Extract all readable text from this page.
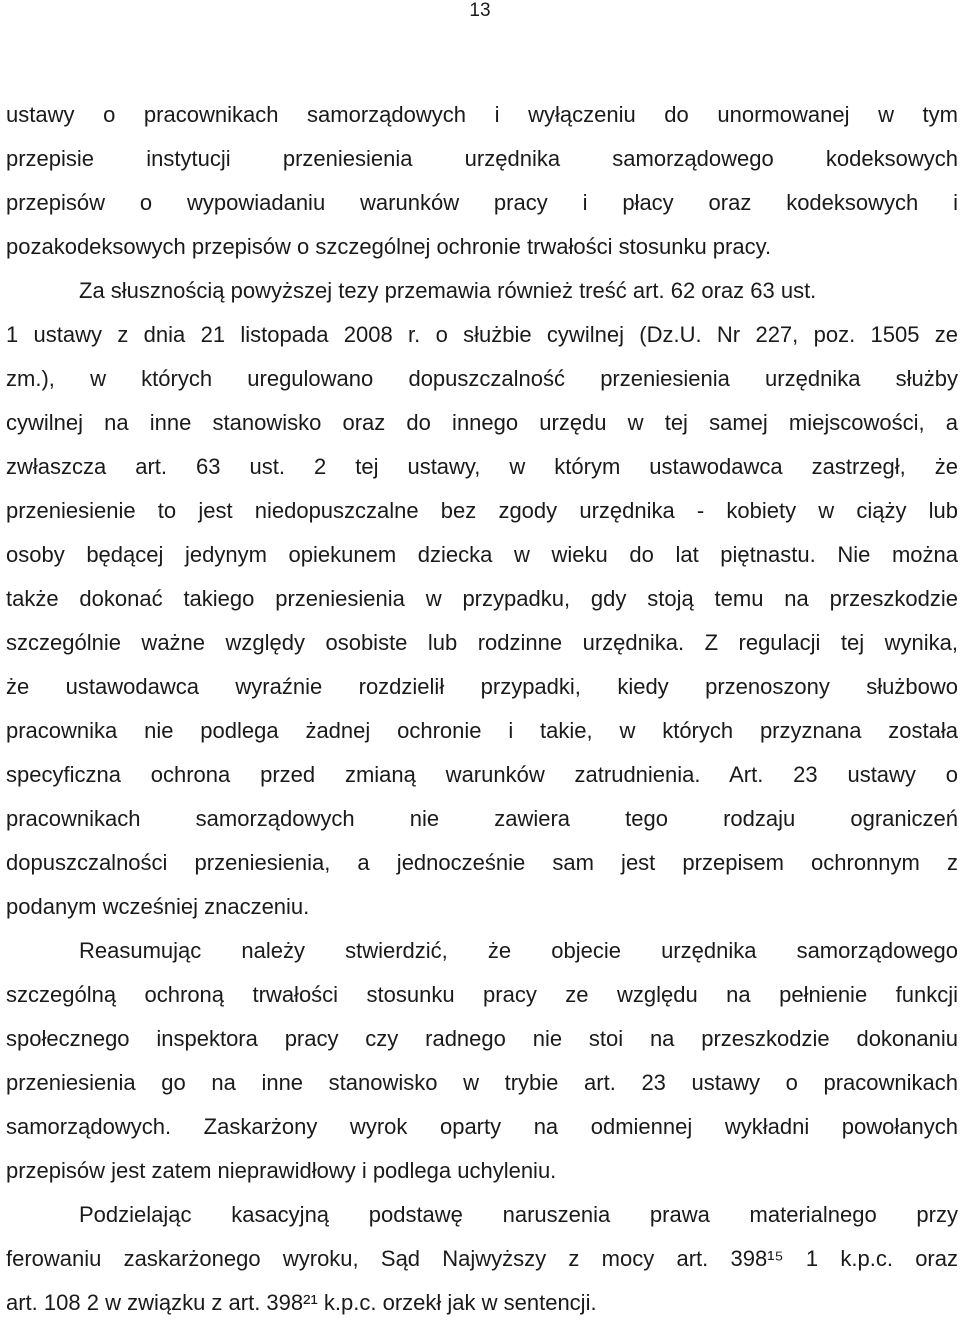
13
ustawy o pracownikach samorządowych i wyłączeniu do unormowanej w tym
przepisie instytucji przeniesienia urzędnika samorządowego kodeksowych
przepisów o wypowiadaniu warunków pracy i płacy oraz kodeksowych i
pozakodeksowych przepisów o szczególnej ochronie trwałości stosunku pracy.
Za słusznością powyższej tezy przemawia również treść art. 62 oraz 63 ust.
1 ustawy z dnia 21 listopada 2008 r. o służbie cywilnej (Dz.U. Nr 227, poz. 1505 ze
zm.), w których uregulowano dopuszczalność przeniesienia urzędnika służby
cywilnej na inne stanowisko oraz do innego urzędu w tej samej miejscowości, a
zwłaszcza art. 63 ust. 2 tej ustawy, w którym ustawodawca zastrzegł, że
przeniesienie to jest niedopuszczalne bez zgody urzędnika - kobiety w ciąży lub
osoby będącej jedynym opiekunem dziecka w wieku do lat piętnastu. Nie można
także dokonać takiego przeniesienia w przypadku, gdy stoją temu na przeszkodzie
szczególnie ważne względy osobiste lub rodzinne urzędnika. Z regulacji tej wynika,
że ustawodawca wyraźnie rozdzielił przypadki, kiedy przenoszony służbowo
pracownika nie podlega żadnej ochronie i takie, w których przyznana została
specyficzna ochrona przed zmianą warunków zatrudnienia. Art. 23 ustawy o
pracownikach samorządowych nie zawiera tego rodzaju ograniczeń
dopuszczalności przeniesienia, a jednocześnie sam jest przepisem ochronnym z
podanym wcześniej znaczeniu.
Reasumując należy stwierdzić, że objecie urzędnika samorządowego
szczególną ochroną trwałości stosunku pracy ze względu na pełnienie funkcji
społecznego inspektora pracy czy radnego nie stoi na przeszkodzie dokonaniu
przeniesienia go na inne stanowisko w trybie art. 23 ustawy o pracownikach
samorządowych. Zaskarżony wyrok oparty na odmiennej wykładni powołanych
przepisów jest zatem nieprawidłowy i podlega uchyleniu.
Podzielając kasacyjną podstawę naruszenia prawa materialnego przy
ferowaniu zaskarżonego wyroku, Sąd Najwyższy z mocy art. 398¹⁵ 1 k.p.c. oraz
art. 108 2 w związku z art. 398²¹ k.p.c. orzekł jak w sentencji.
